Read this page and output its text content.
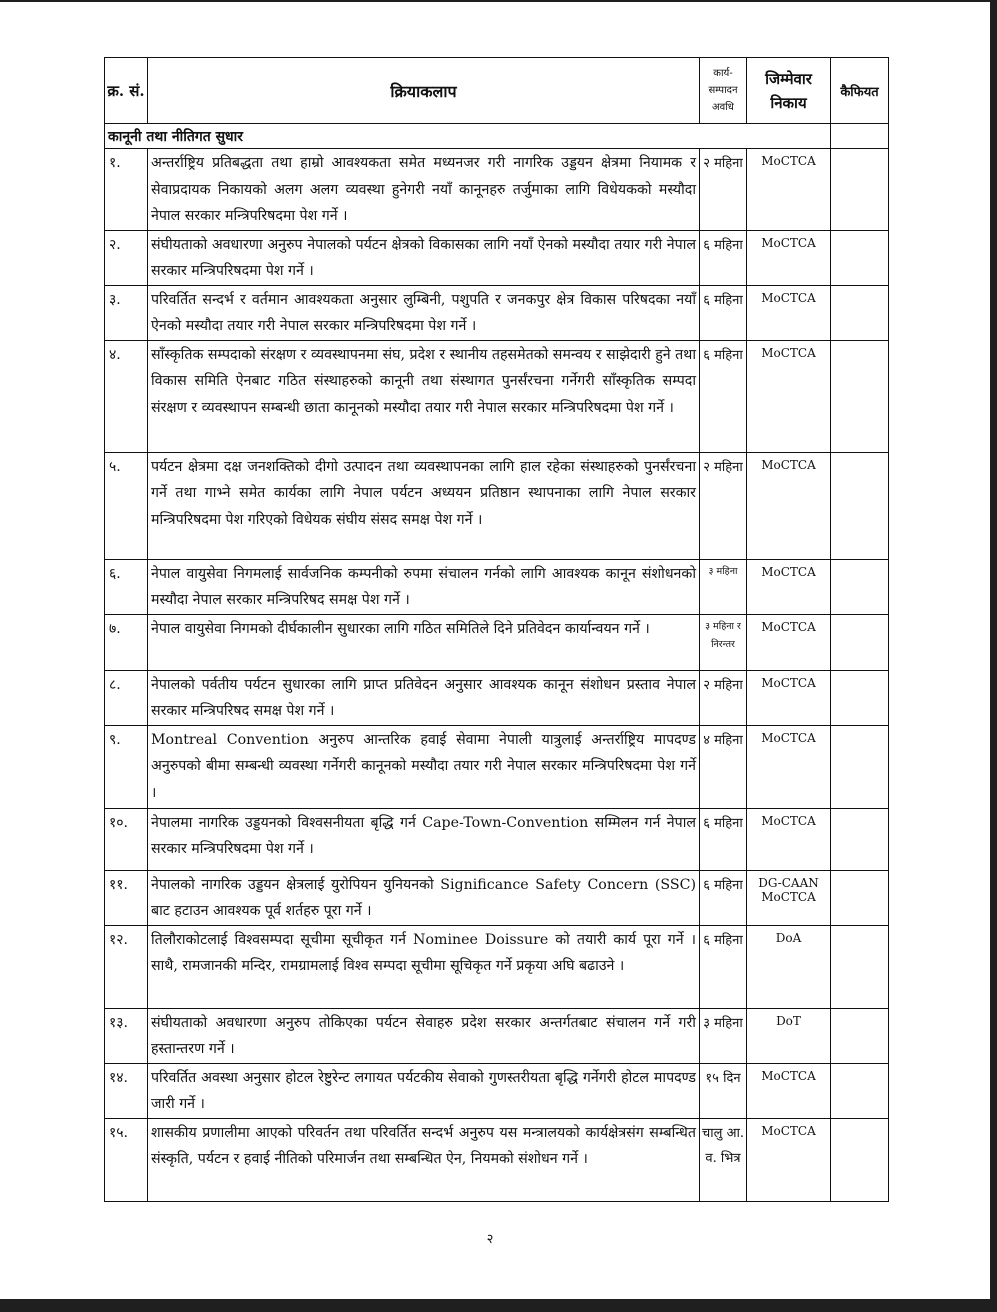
क्र. सं.	क्रियाकलाप	कार्य-सम्पादन अवधि	जिम्मेवार निकाय	कैफियत
कानूनी तथा नीतिगत सुधार				
१.	अन्तर्राष्ट्रिय प्रतिबद्धता तथा हाम्रो आवश्यकता समेत मध्यनजर गरी नागरिक उड्डयन क्षेत्रमा नियामक र सेवाप्रदायक निकायको अलग अलग व्यवस्था हुनेगरी नयाँ कानूनहरु तर्जुमाका लागि विधेयकको मस्यौदा नेपाल सरकार मन्त्रिपरिषदमा पेश गर्ने ।	२ महिना	MoCTCA	
२.	संघीयताको अवधारणा अनुरुप नेपालको पर्यटन क्षेत्रको विकासका लागि नयाँ ऐनको मस्यौदा तयार गरी नेपाल सरकार मन्त्रिपरिषदमा पेश गर्ने ।	६ महिना	MoCTCA	
३.	परिवर्तित सन्दर्भ र वर्तमान आवश्यकता अनुसार लुम्बिनी, पशुपति र जनकपुर क्षेत्र विकास परिषदका नयाँ ऐनको मस्यौदा तयार गरी नेपाल सरकार मन्त्रिपरिषदमा पेश गर्ने ।	६ महिना	MoCTCA	
४.	साँस्कृतिक सम्पदाको संरक्षण र व्यवस्थापनमा संघ, प्रदेश र स्थानीय तहसमेतको समन्वय र साझेदारी हुने तथा विकास समिति ऐनबाट गठित संस्थाहरुको कानूनी तथा संस्थागत पुनर्संरचना गर्नेगरी साँस्कृतिक सम्पदा संरक्षण र व्यवस्थापन सम्बन्धी छाता कानूनको मस्यौदा तयार गरी नेपाल सरकार मन्त्रिपरिषदमा पेश गर्ने ।	६ महिना	MoCTCA	
५.	पर्यटन क्षेत्रमा दक्ष जनशक्तिको दीगो उत्पादन तथा व्यवस्थापनका लागि हाल रहेका संस्थाहरुको पुनर्संरचना गर्ने तथा गाभ्ने समेत कार्यका लागि नेपाल पर्यटन अध्ययन प्रतिष्ठान स्थापनाका लागि नेपाल सरकार मन्त्रिपरिषदमा पेश गरिएको विधेयक संघीय संसद समक्ष पेश गर्ने ।	२ महिना	MoCTCA	
६.	नेपाल वायुसेवा निगमलाई सार्वजनिक कम्पनीको रुपमा संचालन गर्नको लागि आवश्यक कानून संशोधनको मस्यौदा नेपाल सरकार मन्त्रिपरिषद समक्ष पेश गर्ने ।	३ महिना	MoCTCA	
७.	नेपाल वायुसेवा निगमको दीर्घकालीन सुधारका लागि गठित समितिले दिने प्रतिवेदन कार्यान्वयन गर्ने ।	३ महिना र निरन्तर	MoCTCA	
८.	नेपालको पर्वतीय पर्यटन सुधारका लागि प्राप्त प्रतिवेदन अनुसार आवश्यक कानून संशोधन प्रस्ताव नेपाल सरकार मन्त्रिपरिषद समक्ष पेश गर्ने ।	२ महिना	MoCTCA	
९.	Montreal Convention अनुरुप आन्तरिक हवाई सेवामा नेपाली यात्रुलाई अन्तर्राष्ट्रिय मापदण्ड अनुरुपको बीमा सम्बन्धी व्यवस्था गर्नेगरी कानूनको मस्यौदा तयार गरी नेपाल सरकार मन्त्रिपरिषदमा पेश गर्ने ।	४ महिना	MoCTCA	
१०.	नेपालमा नागरिक उड्डयनको विश्वसनीयता बृद्धि गर्न Cape-Town-Convention सम्मिलन गर्न नेपाल सरकार मन्त्रिपरिषदमा पेश गर्ने ।	६ महिना	MoCTCA	
११.	नेपालको नागरिक उड्डयन क्षेत्रलाई युरोपियन युनियनको Significance Safety Concern (SSC) बाट हटाउन आवश्यक पूर्व शर्तहरु पूरा गर्ने ।	६ महिना	DG-CAAN MoCTCA	
१२.	तिलौराकोटलाई विश्वसम्पदा सूचीमा सूचीकृत गर्न Nominee Doissure को तयारी कार्य पूरा गर्ने । साथै, रामजानकी मन्दिर, रामग्रामलाई विश्व सम्पदा सूचीमा सूचिकृत गर्ने प्रकृया अघि बढाउने ।	६ महिना	DoA	
१३.	संघीयताको अवधारणा अनुरुप तोकिएका पर्यटन सेवाहरु प्रदेश सरकार अन्तर्गतबाट संचालन गर्ने गरी हस्तान्तरण गर्ने ।	३ महिना	DoT	
१४.	परिवर्तित अवस्था अनुसार होटल रेष्टुरेन्ट लगायत पर्यटकीय सेवाको गुणस्तरीयता बृद्धि गर्नेगरी होटल मापदण्ड जारी गर्ने ।	१५ दिन	MoCTCA	
१५.	शासकीय प्रणालीमा आएको परिवर्तन तथा परिवर्तित सन्दर्भ अनुरुप यस मन्त्रालयको कार्यक्षेत्रसंग सम्बन्धित संस्कृति, पर्यटन र हवाई नीतिको परिमार्जन तथा सम्बन्धित ऐन, नियमको संशोधन गर्ने ।	चालु आ. व. भित्र	MoCTCA	
२
